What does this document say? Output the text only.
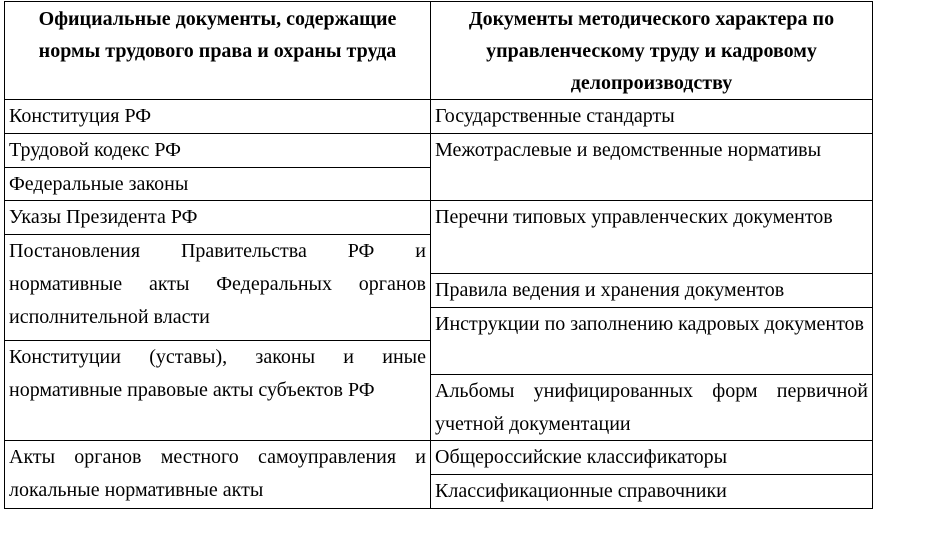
Официальные документы, содержащие нормы трудового права и охраны труда
Конституция РФ
Трудовой кодекс РФ
Федеральные законы
Указы Президента РФ
Постановления Правительства РФ и нормативные акты Федеральных органов исполнительной власти
Конституции (уставы), законы и иные нормативные правовые акты субъектов РФ
Акты органов местного самоуправления и локальные нормативные акты
Документы методического характера по управленческому труду и кадровому делопроизводству
Государственные стандарты
Межотраслевые и ведомственные нормативы
Перечни типовых управленческих документов
Правила ведения и хранения документов
Инструкции по заполнению кадровых документов
Альбомы унифицированных форм первичной учетной документации
Общероссийские классификаторы
Классификационные справочники
